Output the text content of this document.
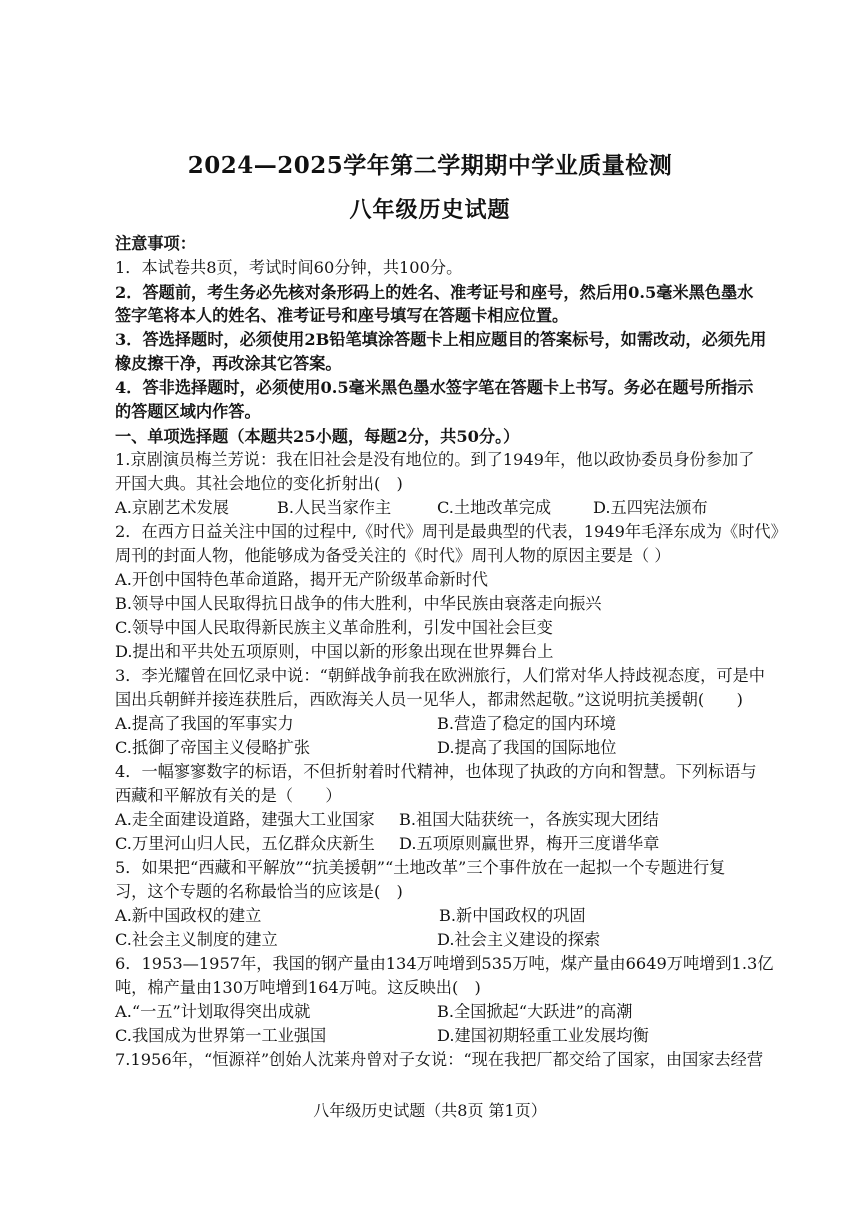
2024—2025学年第二学期期中学业质量检测
八年级历史试题
注意事项：
1．本试卷共8页，考试时间60分钟，共100分。
2．答题前，考生务必先核对条形码上的姓名、准考证号和座号，然后用0.5毫米黑色墨水
签字笔将本人的姓名、准考证号和座号填写在答题卡相应位置。
3．答选择题时，必须使用2B铅笔填涂答题卡上相应题目的答案标号，如需改动，必须先用
橡皮擦干净，再改涂其它答案。
4．答非选择题时，必须使用0.5毫米黑色墨水签字笔在答题卡上书写。务必在题号所指示
的答题区域内作答。
一、单项选择题（本题共25小题，每题2分，共50分。）
1.京剧演员梅兰芳说：我在旧社会是没有地位的。到了1949年，他以政协委员身份参加了
开国大典。其社会地位的变化折射出(　)
A.京剧艺术发展	B.人民当家作主	C.土地改革完成	D.五四宪法颁布
2．在西方日益关注中国的过程中,《时代》周刊是最典型的代表，1949年毛泽东成为《时代》
周刊的封面人物，他能够成为备受关注的《时代》周刊人物的原因主要是（ ）
A.开创中国特色革命道路，揭开无产阶级革命新时代
B.领导中国人民取得抗日战争的伟大胜利，中华民族由衰落走向振兴
C.领导中国人民取得新民族主义革命胜利，引发中国社会巨变
D.提出和平共处五项原则，中国以新的形象出现在世界舞台上
3．李光耀曾在回忆录中说：“朝鲜战争前我在欧洲旅行，人们常对华人持歧视态度，可是中
国出兵朝鲜并接连获胜后，西欧海关人员一见华人，都肃然起敬。”这说明抗美援朝(　　)
A.提高了我国的军事实力	B.营造了稳定的国内环境
C.抵御了帝国主义侵略扩张	D.提高了我国的国际地位
4．一幅寥寥数字的标语，不但折射着时代精神，也体现了执政的方向和智慧。下列标语与
西藏和平解放有关的是（　　）
A.走全面建设道路，建强大工业国家 B.祖国大陆获统一，各族实现大团结
C.万里河山归人民，五亿群众庆新生 D.五项原则赢世界，梅开三度谱华章
5．如果把“西藏和平解放”“抗美援朝”“土地改革”三个事件放在一起拟一个专题进行复
习，这个专题的名称最恰当的应该是(　)
A.新中国政权的建立	B.新中国政权的巩固
C.社会主义制度的建立	D.社会主义建设的探索
6．1953—1957年，我国的钢产量由134万吨增到535万吨，煤产量由6649万吨增到1.3亿
吨，棉产量由130万吨增到164万吨。这反映出(　)
A.“一五”计划取得突出成就	B.全国掀起“大跃进”的高潮
C.我国成为世界第一工业强国	D.建国初期轻重工业发展均衡
7.1956年，“恒源祥”创始人沈莱舟曾对子女说：“现在我把厂都交给了国家，由国家去经营
八年级历史试题（共8页 第1页）
